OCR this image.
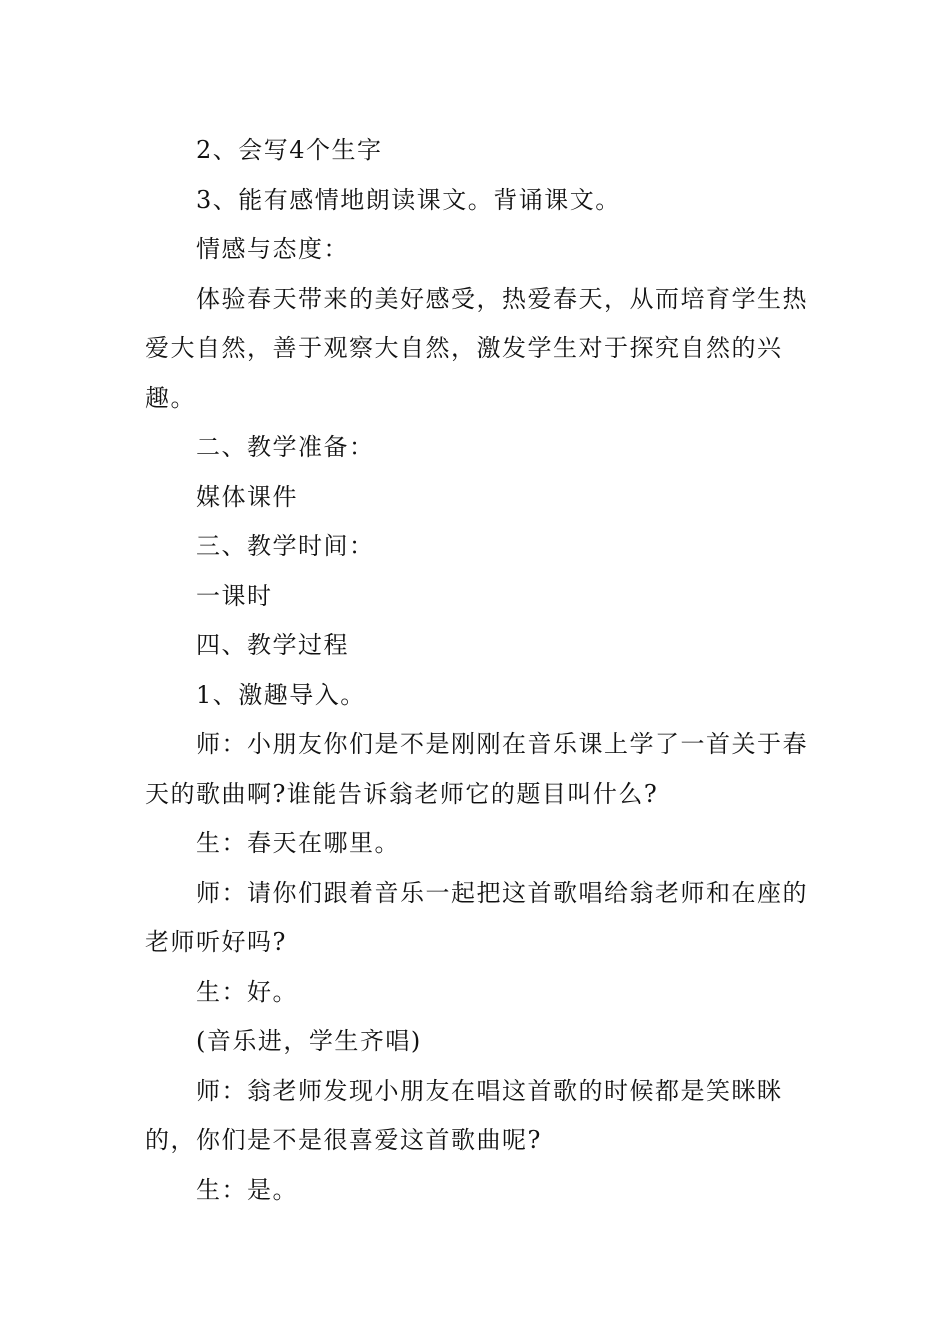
2、会写4个生字

3、能有感情地朗读课文。背诵课文。

情感与态度：

体验春天带来的美好感受，热爱春天，从而培育学生热爱大自然，善于观察大自然，激发学生对于探究自然的兴趣。

二、教学准备：

媒体课件

三、教学时间：

一课时

四、教学过程

1、激趣导入。

师：小朋友你们是不是刚刚在音乐课上学了一首关于春天的歌曲啊?谁能告诉翁老师它的题目叫什么?

生：春天在哪里。

师：请你们跟着音乐一起把这首歌唱给翁老师和在座的老师听好吗?

生：好。

(音乐进，学生齐唱)

师：翁老师发现小朋友在唱这首歌的时候都是笑眯眯的，你们是不是很喜爱这首歌曲呢?

生：是。
